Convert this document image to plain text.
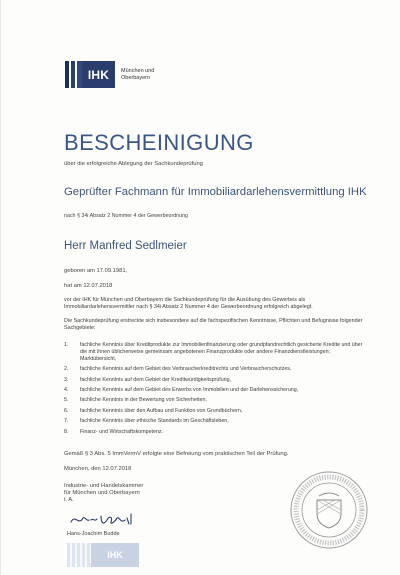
IHK	München und
Oberbayern
BESCHEINIGUNG
über die erfolgreiche Ablegung der Sachkundeprüfung
Geprüfter Fachmann für Immobiliardarlehensvermittlung IHK
nach § 34i Absatz 2 Nummer 4 der Gewerbeordnung
Herr Manfred Sedlmeier
geboren am 17.09.1981,
hat am 12.07.2018
vor der IHK für München und Oberbayern die Sachkundeprüfung für die Ausübung des Gewerbes als Immobiliardarlehensvermittler nach § 34i Absatz 2 Nummer 4 der Gewerbeordnung erfolgreich abgelegt.
Die Sachkundeprüfung erstreckte sich insbesondere auf die fachspezifischen Kenntnisse, Pflichten und Befugnisse folgender Sachgebiete:
1. fachliche Kenntnis über Kreditprodukte zur Immobilienfinanzierung oder grundpfandrechtlich gesicherte Kredite und über die mit ihnen üblicherweise gemeinsam angebotenen Finanzprodukte oder andere Finanzdienstleistungen; Marktübersicht,
2. fachliche Kenntnis auf dem Gebiet des Verbraucherkreditrechts und Verbraucherschutzes,
3. fachliche Kenntnis auf dem Gebiet der Kreditwürdigkeitsprüfung,
4. fachliche Kenntnis auf dem Gebiet des Erwerbs von Immobilien und der Darlehenssicherung,
5. fachliche Kenntnis in der Bewertung von Sicherheiten,
6. fachliche Kenntnis über den Aufbau und Funktion von Grundbüchern,
7. fachliche Kenntnis über ethische Standards im Geschäftsleben,
8. Finanz- und Wirtschaftskompetenz.
Gemäß § 3 Abs. 5 ImmVermV erfolgte eine Befreiung vom praktischen Teil der Prüfung.
München, den 12.07.2018
Industrie- und Handelskammer
für München und Oberbayern
i. A.
Hans-Joachim Budde
IHK
